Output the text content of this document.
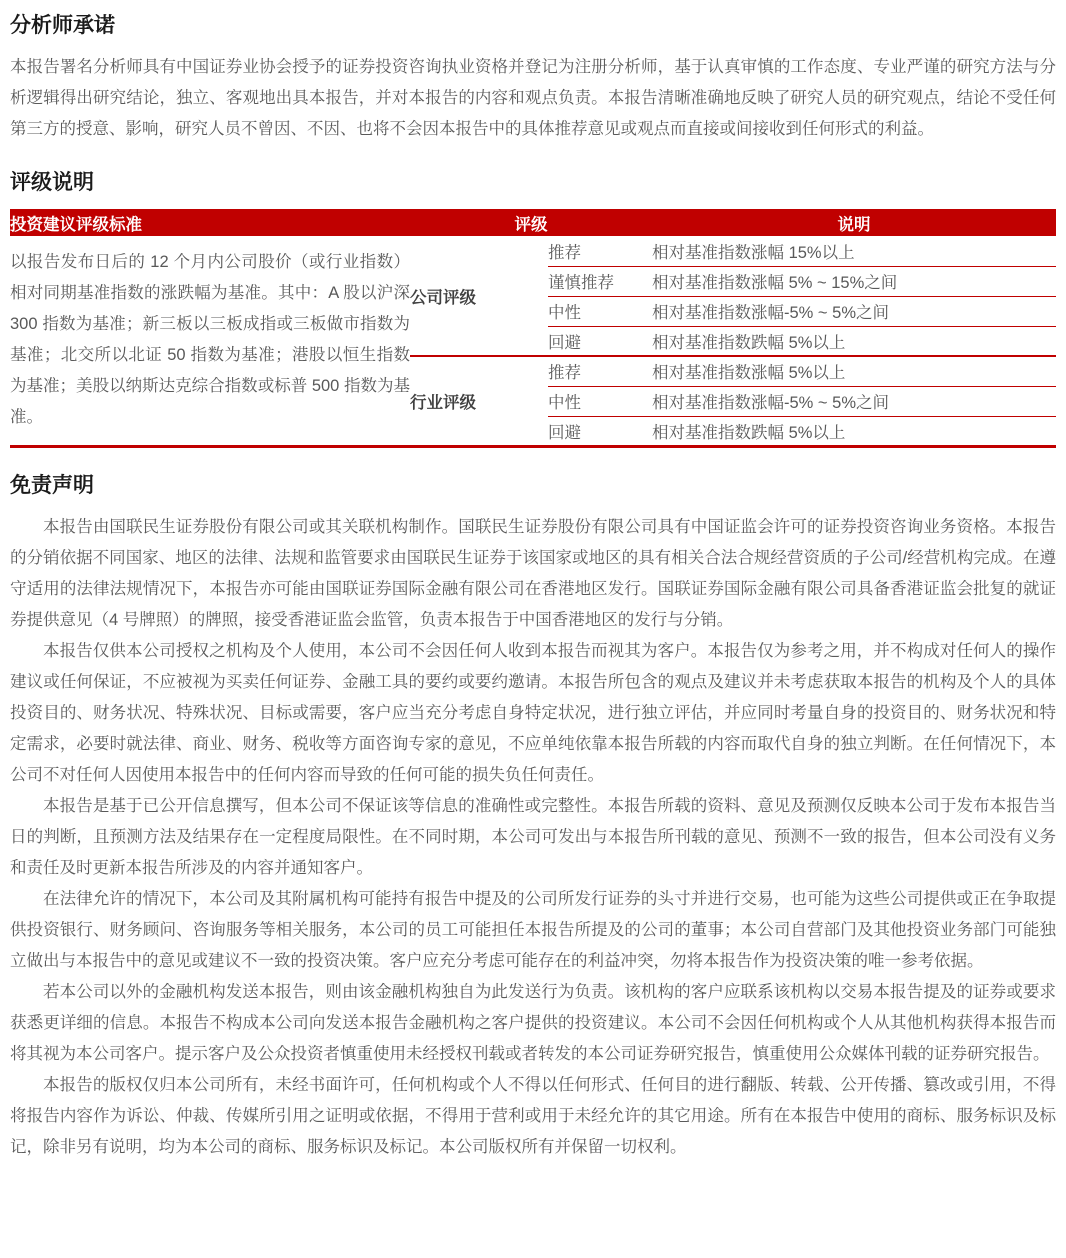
分析师承诺

本报告署名分析师具有中国证券业协会授予的证券投资咨询执业资格并登记为注册分析师，基于认真审慎的工作态度、专业严谨的研究方法与分析逻辑得出研究结论，独立、客观地出具本报告，并对本报告的内容和观点负责。本报告清晰准确地反映了研究人员的研究观点，结论不受任何第三方的授意、影响，研究人员不曾因、不因、也将不会因本报告中的具体推荐意见或观点而直接或间接收到任何形式的利益。

评级说明
投资建议评级标准	评级		说明
以报告发布日后的 12 个月内公司股价（或行业指数）相对同期基准指数的涨跌幅为基准。其中：A 股以沪深 300 指数为基准；新三板以三板成指或三板做市指数为基准；北交所以北证 50 指数为基准；港股以恒生指数为基准；美股以纳斯达克综合指数或标普 500 指数为基准。	公司评级	推荐	相对基准指数涨幅 15%以上
		谨慎推荐	相对基准指数涨幅 5% ~ 15%之间
		中性	相对基准指数涨幅-5% ~ 5%之间
		回避	相对基准指数跌幅 5%以上
	行业评级	推荐	相对基准指数涨幅 5%以上
		中性	相对基准指数涨幅-5% ~ 5%之间
		回避	相对基准指数跌幅 5%以上
免责声明

本报告由国联民生证券股份有限公司或其关联机构制作。国联民生证券股份有限公司具有中国证监会许可的证券投资咨询业务资格。本报告的分销依据不同国家、地区的法律、法规和监管要求由国联民生证券于该国家或地区的具有相关合法合规经营资质的子公司/经营机构完成。在遵守适用的法律法规情况下，本报告亦可能由国联证券国际金融有限公司在香港地区发行。国联证券国际金融有限公司具备香港证监会批复的就证券提供意见（4 号牌照）的牌照，接受香港证监会监管，负责本报告于中国香港地区的发行与分销。

本报告仅供本公司授权之机构及个人使用，本公司不会因任何人收到本报告而视其为客户。本报告仅为参考之用，并不构成对任何人的操作建议或任何保证，不应被视为买卖任何证券、金融工具的要约或要约邀请。本报告所包含的观点及建议并未考虑获取本报告的机构及个人的具体投资目的、财务状况、特殊状况、目标或需要，客户应当充分考虑自身特定状况，进行独立评估，并应同时考量自身的投资目的、财务状况和特定需求，必要时就法律、商业、财务、税收等方面咨询专家的意见，不应单纯依靠本报告所载的内容而取代自身的独立判断。在任何情况下，本公司不对任何人因使用本报告中的任何内容而导致的任何可能的损失负任何责任。

本报告是基于已公开信息撰写，但本公司不保证该等信息的准确性或完整性。本报告所载的资料、意见及预测仅反映本公司于发布本报告当日的判断，且预测方法及结果存在一定程度局限性。在不同时期，本公司可发出与本报告所刊载的意见、预测不一致的报告，但本公司没有义务和责任及时更新本报告所涉及的内容并通知客户。

在法律允许的情况下，本公司及其附属机构可能持有报告中提及的公司所发行证券的头寸并进行交易，也可能为这些公司提供或正在争取提供投资银行、财务顾问、咨询服务等相关服务，本公司的员工可能担任本报告所提及的公司的董事；本公司自营部门及其他投资业务部门可能独立做出与本报告中的意见或建议不一致的投资决策。客户应充分考虑可能存在的利益冲突，勿将本报告作为投资决策的唯一参考依据。

若本公司以外的金融机构发送本报告，则由该金融机构独自为此发送行为负责。该机构的客户应联系该机构以交易本报告提及的证券或要求获悉更详细的信息。本报告不构成本公司向发送本报告金融机构之客户提供的投资建议。本公司不会因任何机构或个人从其他机构获得本报告而将其视为本公司客户。提示客户及公众投资者慎重使用未经授权刊载或者转发的本公司证券研究报告，慎重使用公众媒体刊载的证券研究报告。

本报告的版权仅归本公司所有，未经书面许可，任何机构或个人不得以任何形式、任何目的进行翻版、转载、公开传播、篡改或引用，不得将报告内容作为诉讼、仲裁、传媒所引用之证明或依据，不得用于营利或用于未经允许的其它用途。所有在本报告中使用的商标、服务标识及标记，除非另有说明，均为本公司的商标、服务标识及标记。本公司版权所有并保留一切权利。
